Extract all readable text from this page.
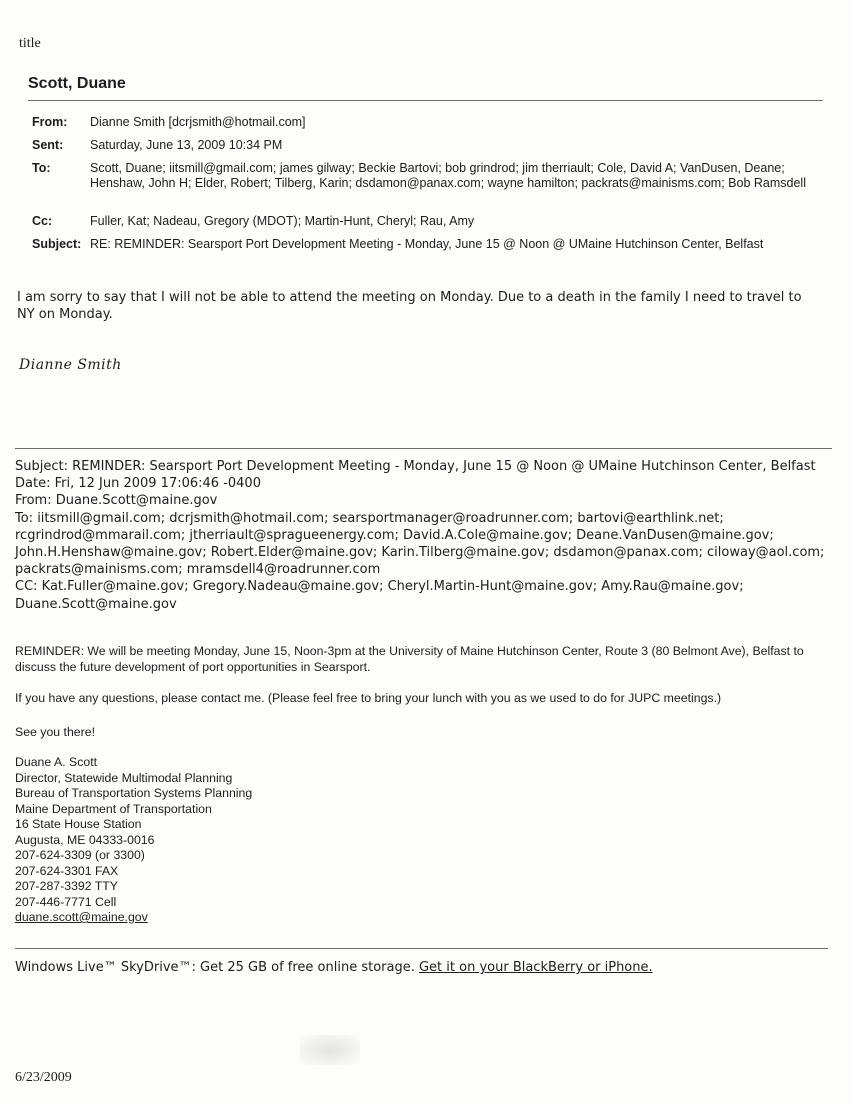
title
Scott, Duane
From: Dianne Smith [dcrjsmith@hotmail.com]
Sent: Saturday, June 13, 2009 10:34 PM
To:	Scott, Duane; iitsmill@gmail.com; james gilway; Beckie Bartovi; bob grindrod; jim therriault; Cole, David A; VanDusen, Deane; Henshaw, John H; Elder, Robert; Tilberg, Karin; dsdamon@panax.com; wayne hamilton; packrats@mainisms.com; Bob Ramsdell
Cc:	Fuller, Kat; Nadeau, Gregory (MDOT); Martin-Hunt, Cheryl; Rau, Amy
Subject: RE: REMINDER: Searsport Port Development Meeting - Monday, June 15 @ Noon @ UMaine Hutchinson Center, Belfast
I am sorry to say that I will not be able to attend the meeting on Monday. Due to a death in the family I need to travel to NY on Monday.
Dianne Smith
Subject: REMINDER: Searsport Port Development Meeting - Monday, June 15 @ Noon @ UMaine Hutchinson Center, Belfast
Date: Fri, 12 Jun 2009 17:06:46 -0400
From: Duane.Scott@maine.gov
To: iitsmill@gmail.com; dcrjsmith@hotmail.com; searsportmanager@roadrunner.com; bartovi@earthlink.net; rcgrindrod@mmarail.com; jtherriault@spragueenergy.com; David.A.Cole@maine.gov; Deane.VanDusen@maine.gov; John.H.Henshaw@maine.gov; Robert.Elder@maine.gov; Karin.Tilberg@maine.gov; dsdamon@panax.com; ciloway@aol.com; packrats@mainisms.com; mramsdell4@roadrunner.com
CC: Kat.Fuller@maine.gov; Gregory.Nadeau@maine.gov; Cheryl.Martin-Hunt@maine.gov; Amy.Rau@maine.gov; Duane.Scott@maine.gov
REMINDER: We will be meeting Monday, June 15, Noon-3pm at the University of Maine Hutchinson Center, Route 3 (80 Belmont Ave), Belfast to discuss the future development of port opportunities in Searsport.
If you have any questions, please contact me. (Please feel free to bring your lunch with you as we used to do for JUPC meetings.)
See you there!
Duane A. Scott
Director, Statewide Multimodal Planning
Bureau of Transportation Systems Planning
Maine Department of Transportation
16 State House Station
Augusta, ME 04333-0016
207-624-3309 (or 3300)
207-624-3301 FAX
207-287-3392 TTY
207-446-7771 Cell
duane.scott@maine.gov
Windows Live™ SkyDrive™: Get 25 GB of free online storage. Get it on your BlackBerry or iPhone.
6/23/2009
